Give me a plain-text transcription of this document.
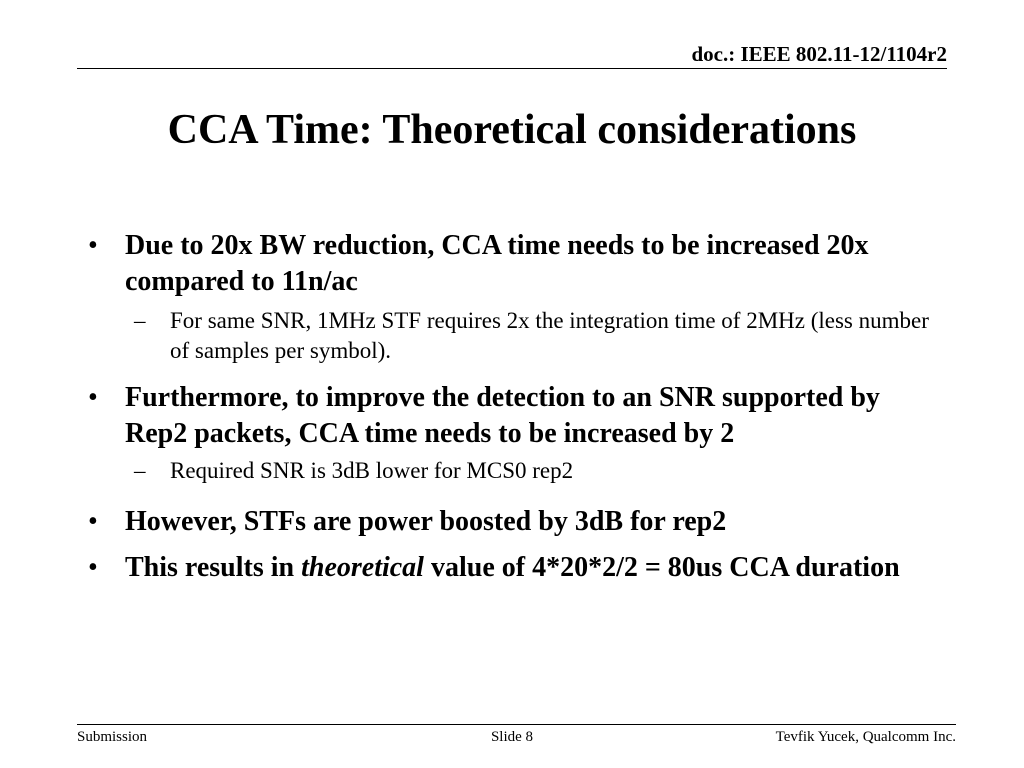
doc.: IEEE 802.11-12/1104r2
CCA Time: Theoretical considerations
• Due to 20x BW reduction, CCA time needs to be increased 20x compared to 11n/ac
– For same SNR, 1MHz STF requires 2x the integration time of 2MHz (less number of samples per symbol).
• Furthermore, to improve the detection to an SNR supported by Rep2 packets, CCA time needs to be increased by 2
– Required SNR is 3dB lower for MCS0 rep2
• However, STFs are power boosted by 3dB for rep2
• This results in theoretical value of 4*20*2/2 = 80us CCA duration
Submission	Slide 8	Tevfik Yucek, Qualcomm Inc.
